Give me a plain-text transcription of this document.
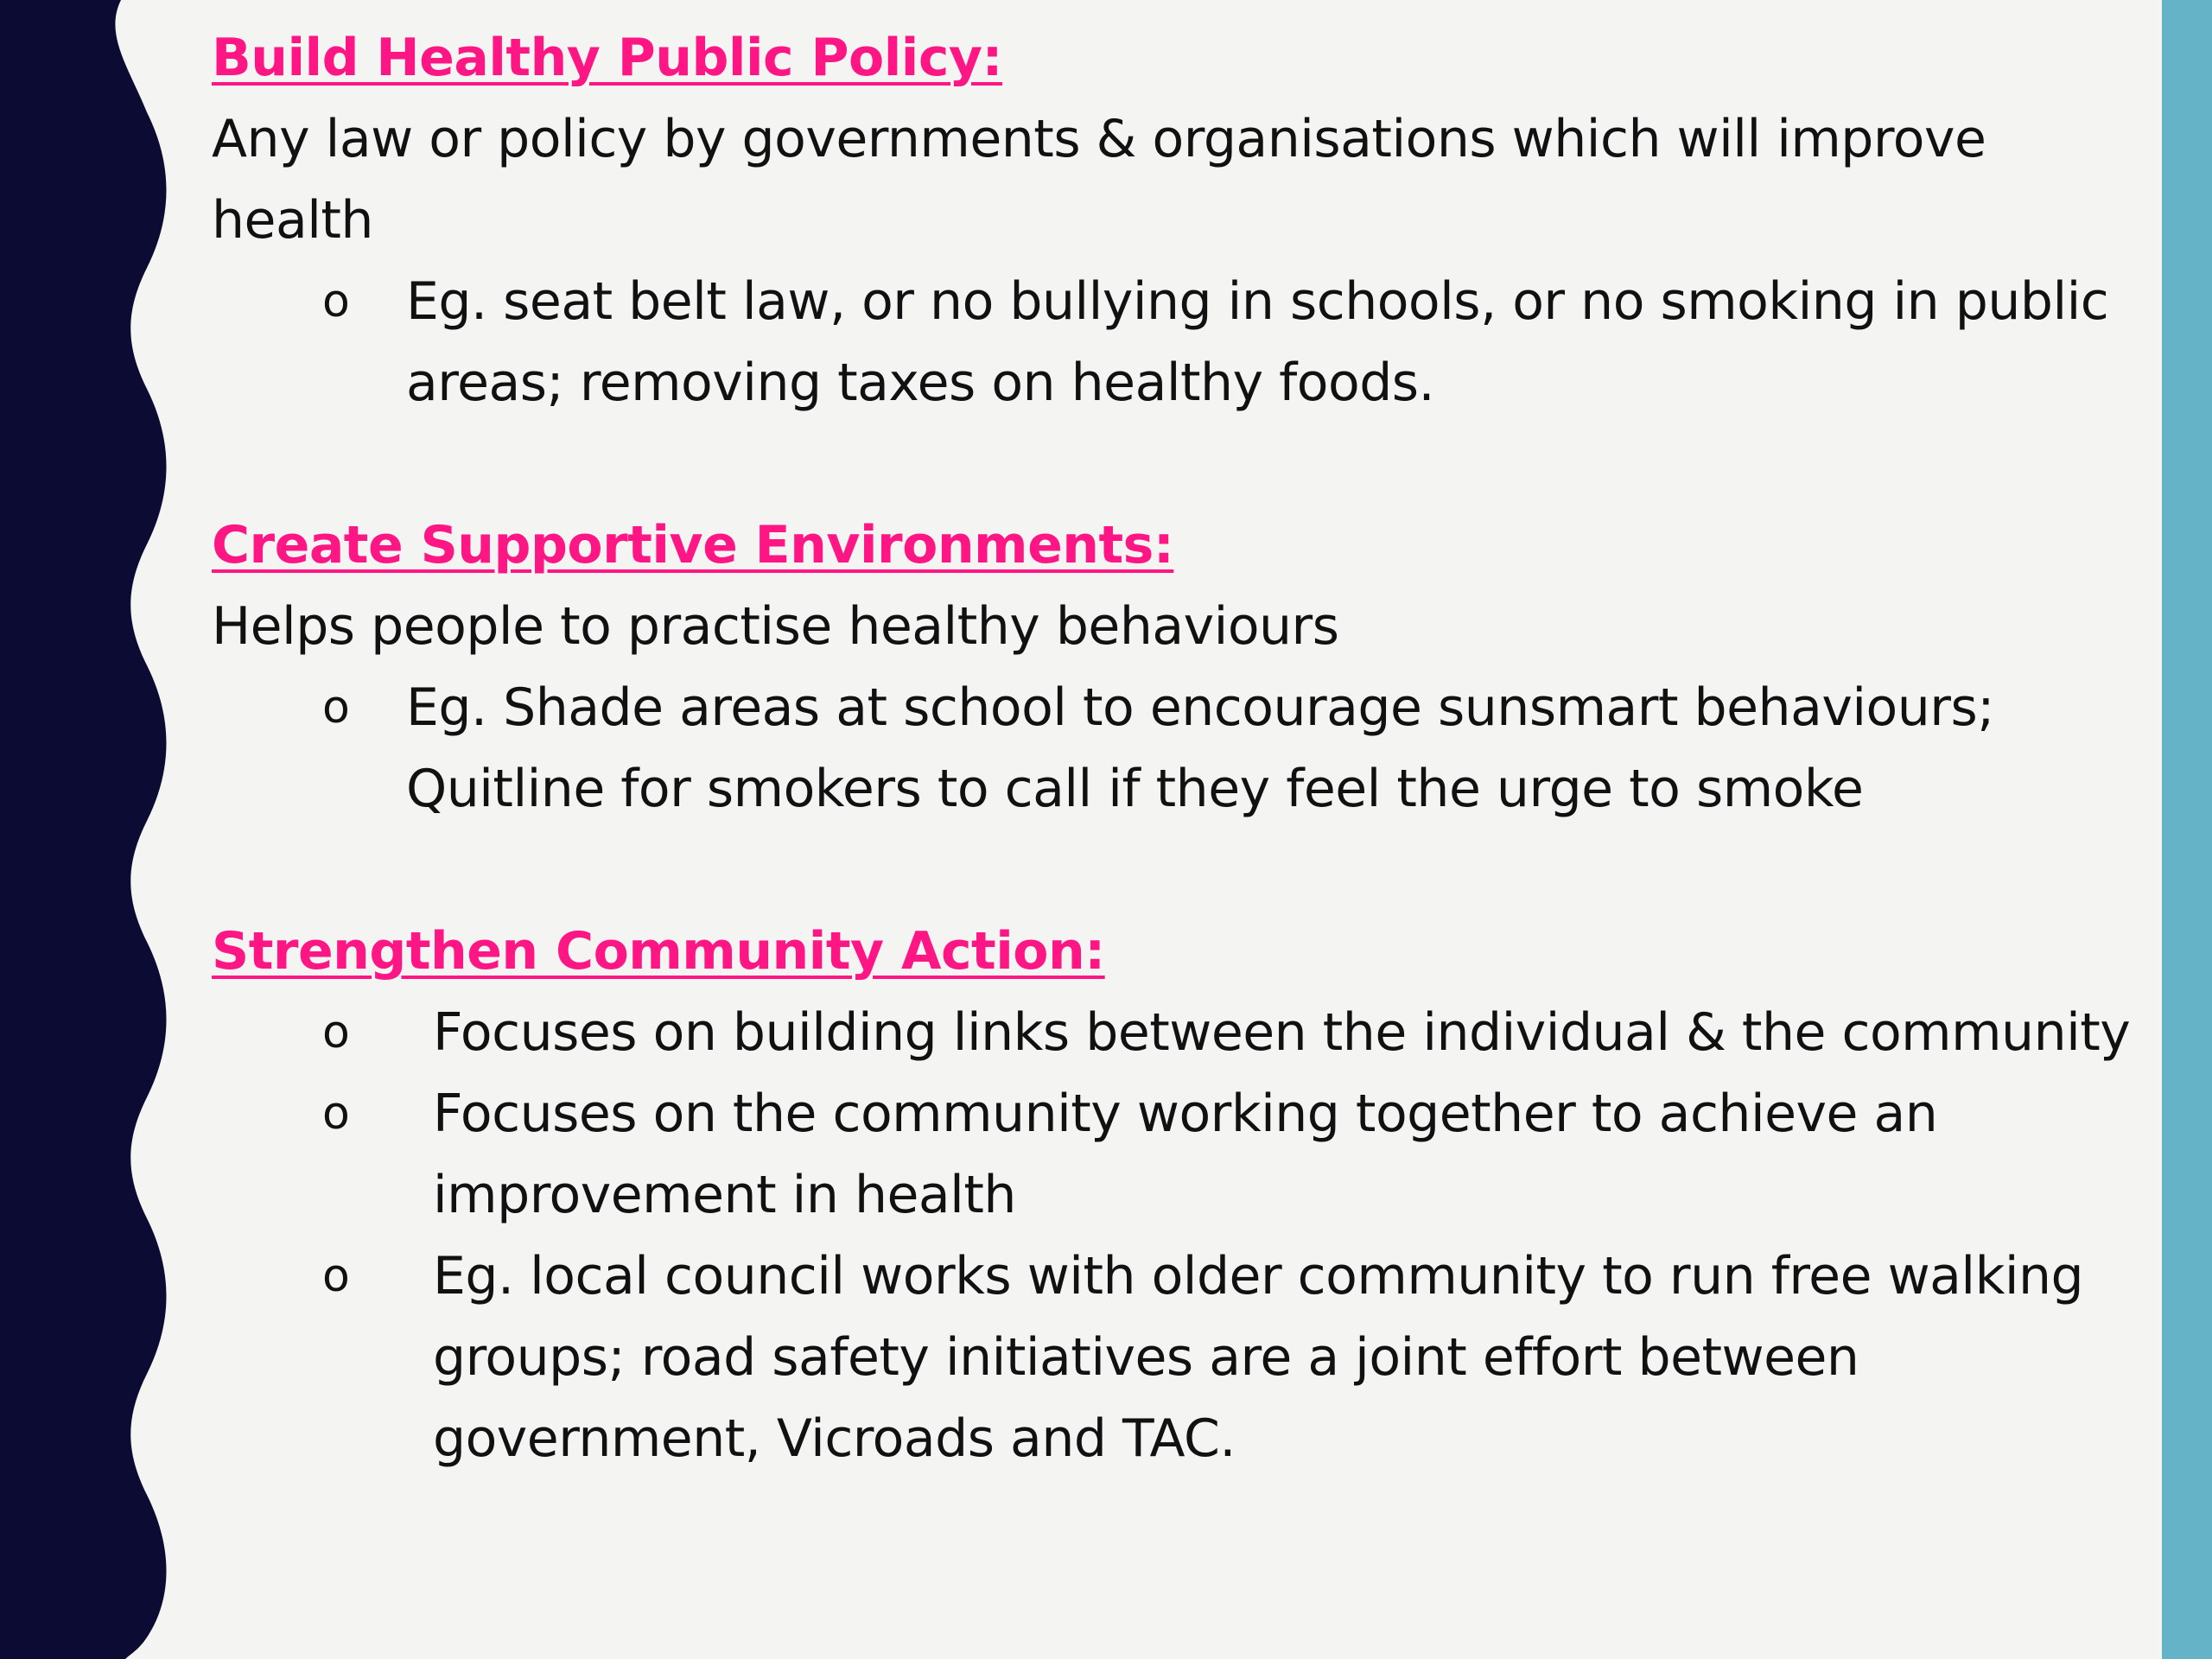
Build Healthy Public Policy:

Any law or policy by governments & organisations which will improve health

o	Eg. seat belt law, or no bullying in schools, or no smoking in public areas; removing taxes on healthy foods.

Create Supportive Environments:

Helps people to practise healthy behaviours

o	Eg. Shade areas at school to encourage sunsmart behaviours; Quitline for smokers to call if they feel the urge to smoke

Strengthen Community Action:

o	Focuses on building links between the individual & the community
o	Focuses on the community working together to achieve an improvement in health
o	Eg. local council works with older community to run free walking groups; road safety initiatives are a joint effort between government, Vicroads and TAC.
